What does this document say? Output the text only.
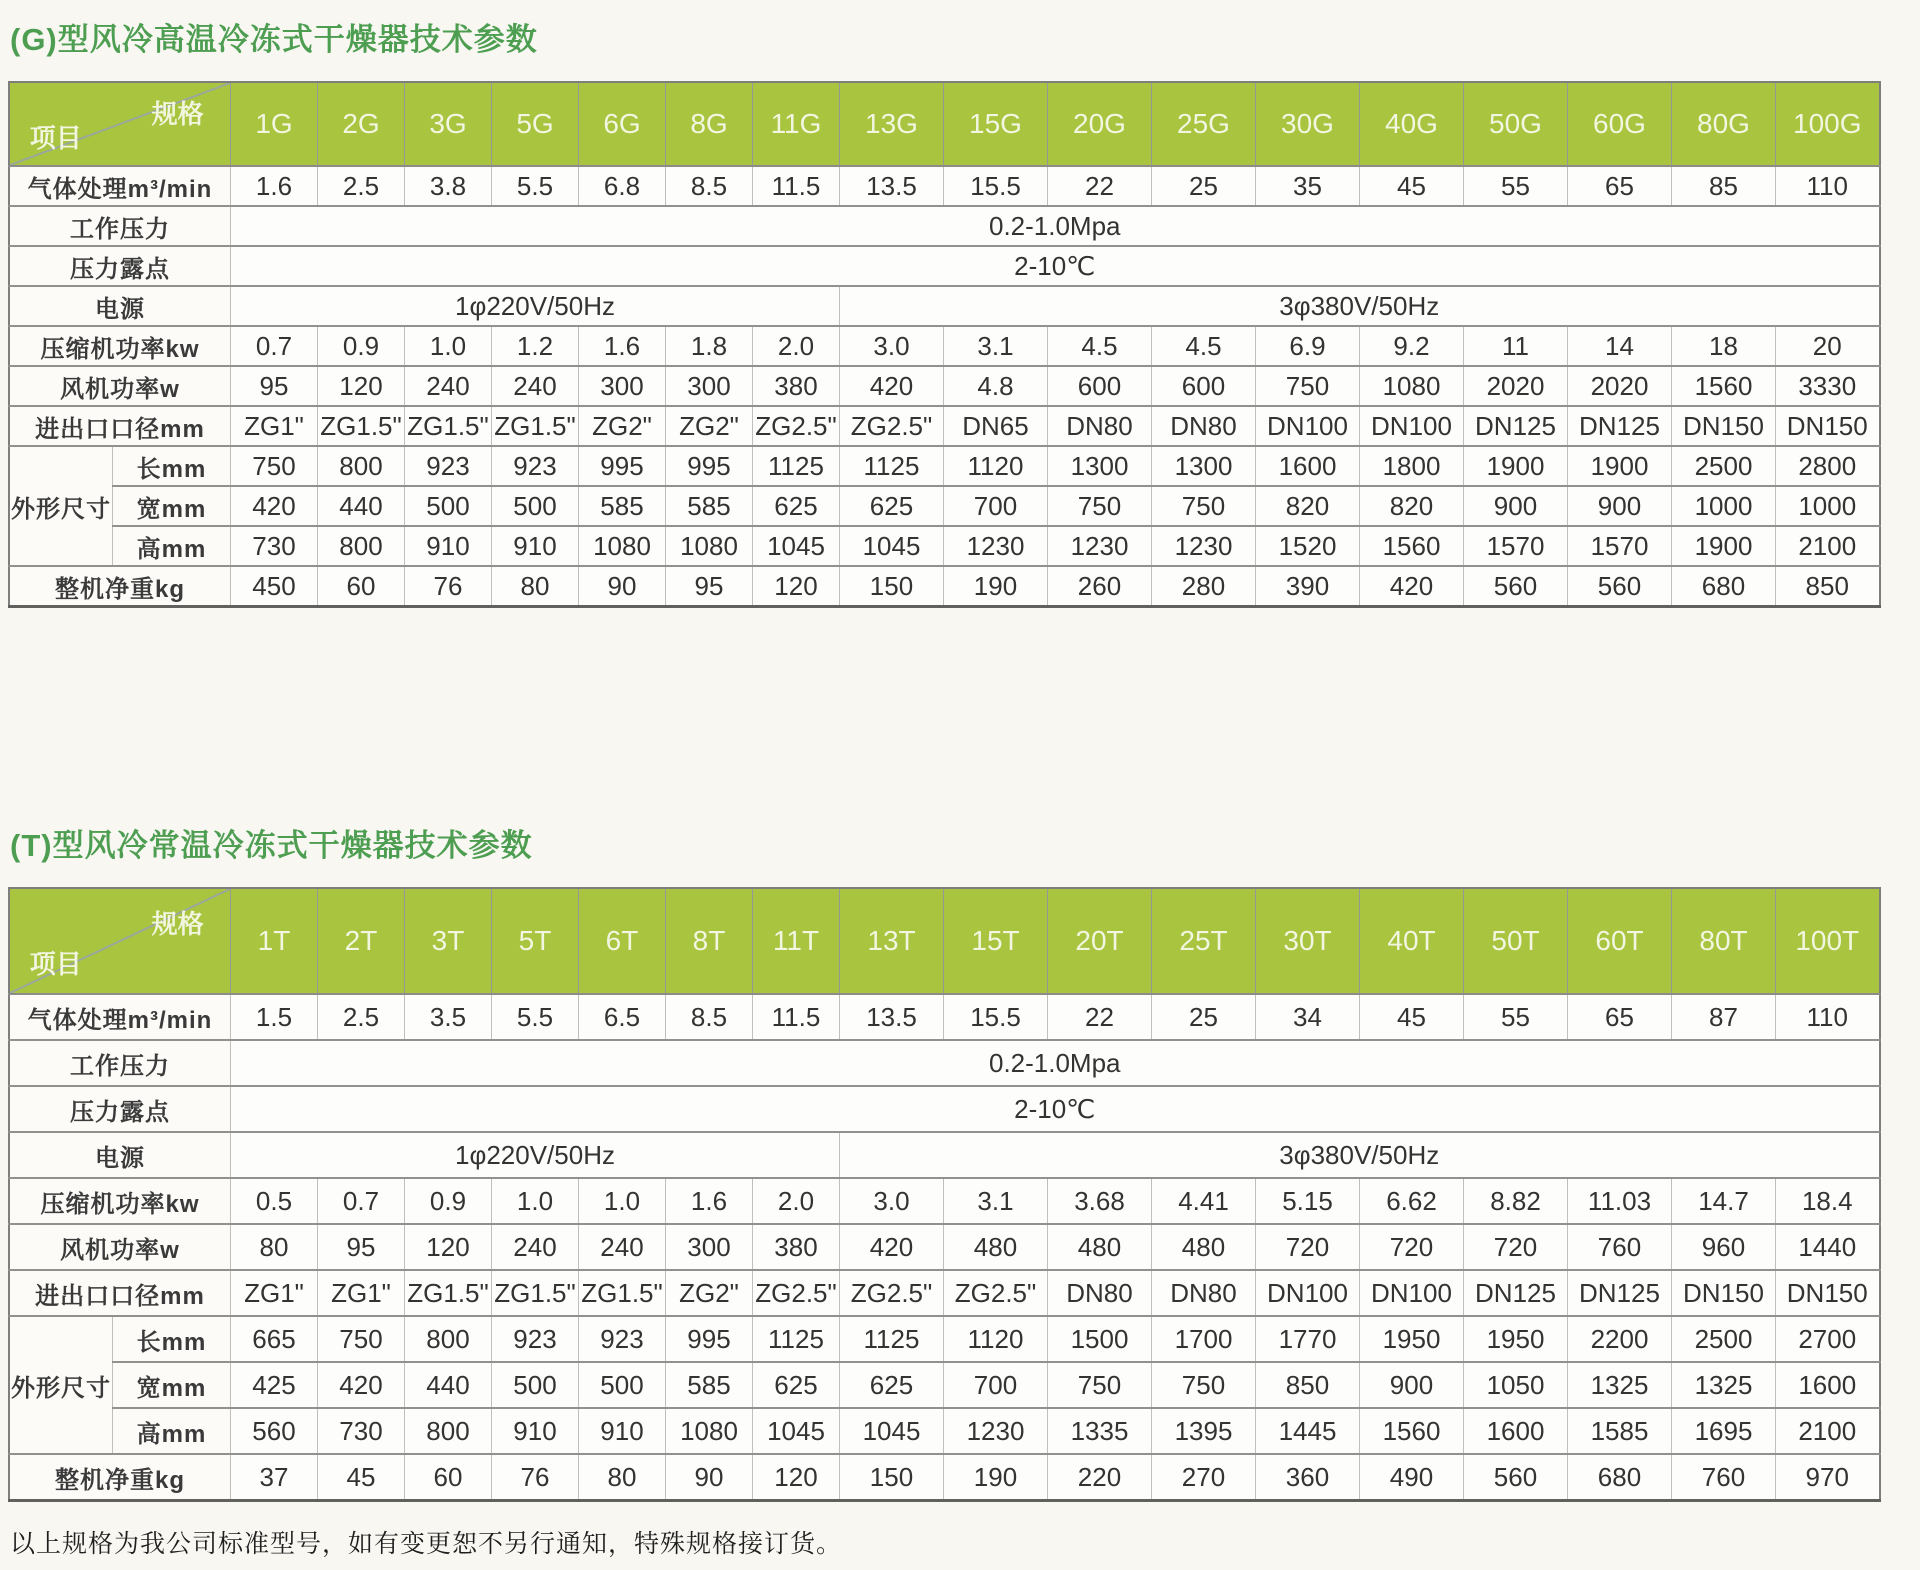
(G)型风冷高温冷冻式干燥器技术参数
规格
项目		1G	2G	3G	5G	6G	8G	11G	13G	15G	20G	25G	30G	40G	50G	60G	80G	100G
气体处理m³/min		1.6	2.5	3.8	5.5	6.8	8.5	11.5	13.5	15.5	22	25	35	45	55	65	85	110
工作压力		0.2-1.0Mpa																
压力露点		2-10℃																
电源		1φ220V/50Hz							3φ380V/50Hz									
压缩机功率kw		0.7	0.9	1.0	1.2	1.6	1.8	2.0	3.0	3.1	4.5	4.5	6.9	9.2	11	14	18	20
风机功率w		95	120	240	240	300	300	380	420	4.8	600	600	750	1080	2020	2020	1560	3330
进出口口径mm		ZG1"	ZG1.5"	ZG1.5"	ZG1.5"	ZG2"	ZG2"	ZG2.5"	ZG2.5"	DN65	DN80	DN80	DN100	DN100	DN125	DN125	DN150	DN150
外形尺寸	长mm	750	800	923	923	995	995	1125	1125	1120	1300	1300	1600	1800	1900	1900	2500	2800
	宽mm	420	440	500	500	585	585	625	625	700	750	750	820	820	900	900	1000	1000
	高mm	730	800	910	910	1080	1080	1045	1045	1230	1230	1230	1520	1560	1570	1570	1900	2100
整机净重kg		450	60	76	80	90	95	120	150	190	260	280	390	420	560	560	680	850
(T)型风冷常温冷冻式干燥器技术参数
规格
项目		1T	2T	3T	5T	6T	8T	11T	13T	15T	20T	25T	30T	40T	50T	60T	80T	100T
气体处理m³/min		1.5	2.5	3.5	5.5	6.5	8.5	11.5	13.5	15.5	22	25	34	45	55	65	87	110
工作压力		0.2-1.0Mpa																
压力露点		2-10℃																
电源		1φ220V/50Hz							3φ380V/50Hz									
压缩机功率kw		0.5	0.7	0.9	1.0	1.0	1.6	2.0	3.0	3.1	3.68	4.41	5.15	6.62	8.82	11.03	14.7	18.4
风机功率w		80	95	120	240	240	300	380	420	480	480	480	720	720	720	760	960	1440
进出口口径mm		ZG1"	ZG1"	ZG1.5"	ZG1.5"	ZG1.5"	ZG2"	ZG2.5"	ZG2.5"	ZG2.5"	DN80	DN80	DN100	DN100	DN125	DN125	DN150	DN150
外形尺寸	长mm	665	750	800	923	923	995	1125	1125	1120	1500	1700	1770	1950	1950	2200	2500	2700
	宽mm	425	420	440	500	500	585	625	625	700	750	750	850	900	1050	1325	1325	1600
	高mm	560	730	800	910	910	1080	1045	1045	1230	1335	1395	1445	1560	1600	1585	1695	2100
整机净重kg		37	45	60	76	80	90	120	150	190	220	270	360	490	560	680	760	970

以上规格为我公司标准型号，如有变更恕不另行通知，特殊规格接订货。
